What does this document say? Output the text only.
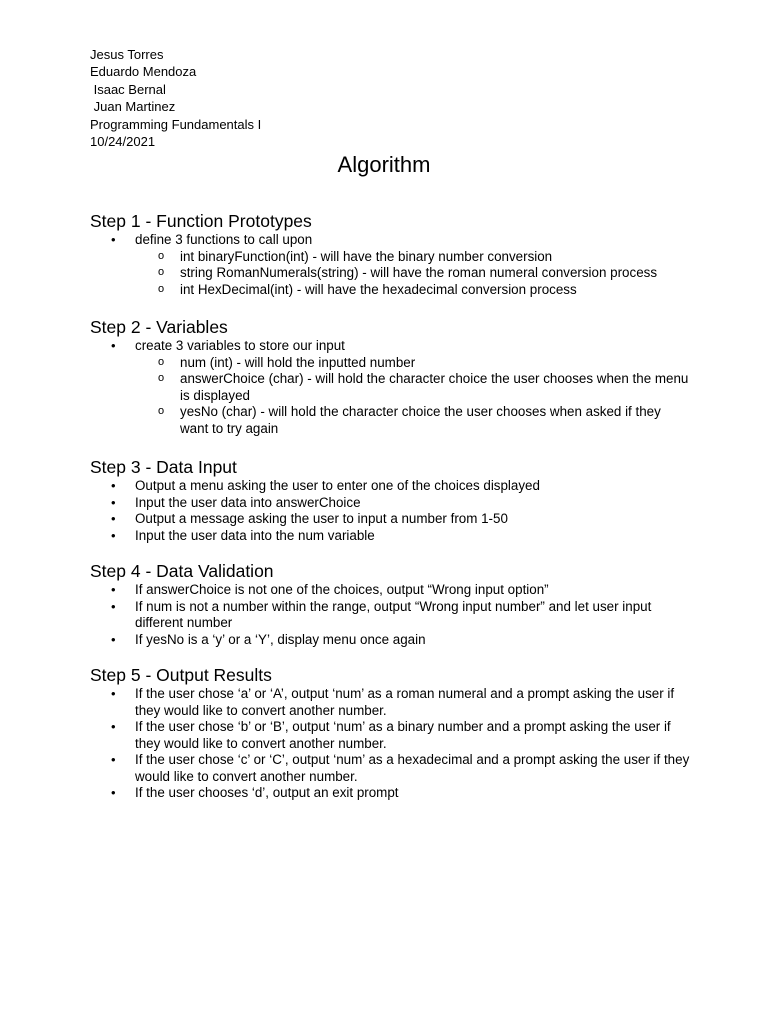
Jesus Torres
Eduardo Mendoza
Isaac Bernal
Juan Martinez
Programming Fundamentals I
10/24/2021
Algorithm
Step 1 - Function Prototypes
• define 3 functions to call upon
o int binaryFunction(int) - will have the binary number conversion
o string RomanNumerals(string) - will have the roman numeral conversion process
o int HexDecimal(int) - will have the hexadecimal conversion process
Step 2 - Variables
• create 3 variables to store our input
o num (int) - will hold the inputted number
o answerChoice (char) - will hold the character choice the user chooses when the menu is displayed
o yesNo (char) - will hold the character choice the user chooses when asked if they want to try again
Step 3 - Data Input
• Output a menu asking the user to enter one of the choices displayed
• Input the user data into answerChoice
• Output a message asking the user to input a number from 1-50
• Input the user data into the num variable
Step 4 - Data Validation
• If answerChoice is not one of the choices, output “Wrong input option”
• If num is not a number within the range, output “Wrong input number” and let user input different number
• If yesNo is a ‘y’ or a ‘Y’, display menu once again
Step 5 - Output Results
• If the user chose ‘a’ or ‘A’, output ‘num’ as a roman numeral and a prompt asking the user if they would like to convert another number.
• If the user chose ‘b’ or ‘B’, output ‘num’ as a binary number and a prompt asking the user if they would like to convert another number.
• If the user chose ‘c’ or ‘C’, output ‘num’ as a hexadecimal and a prompt asking the user if they would like to convert another number.
• If the user chooses ‘d’, output an exit prompt
